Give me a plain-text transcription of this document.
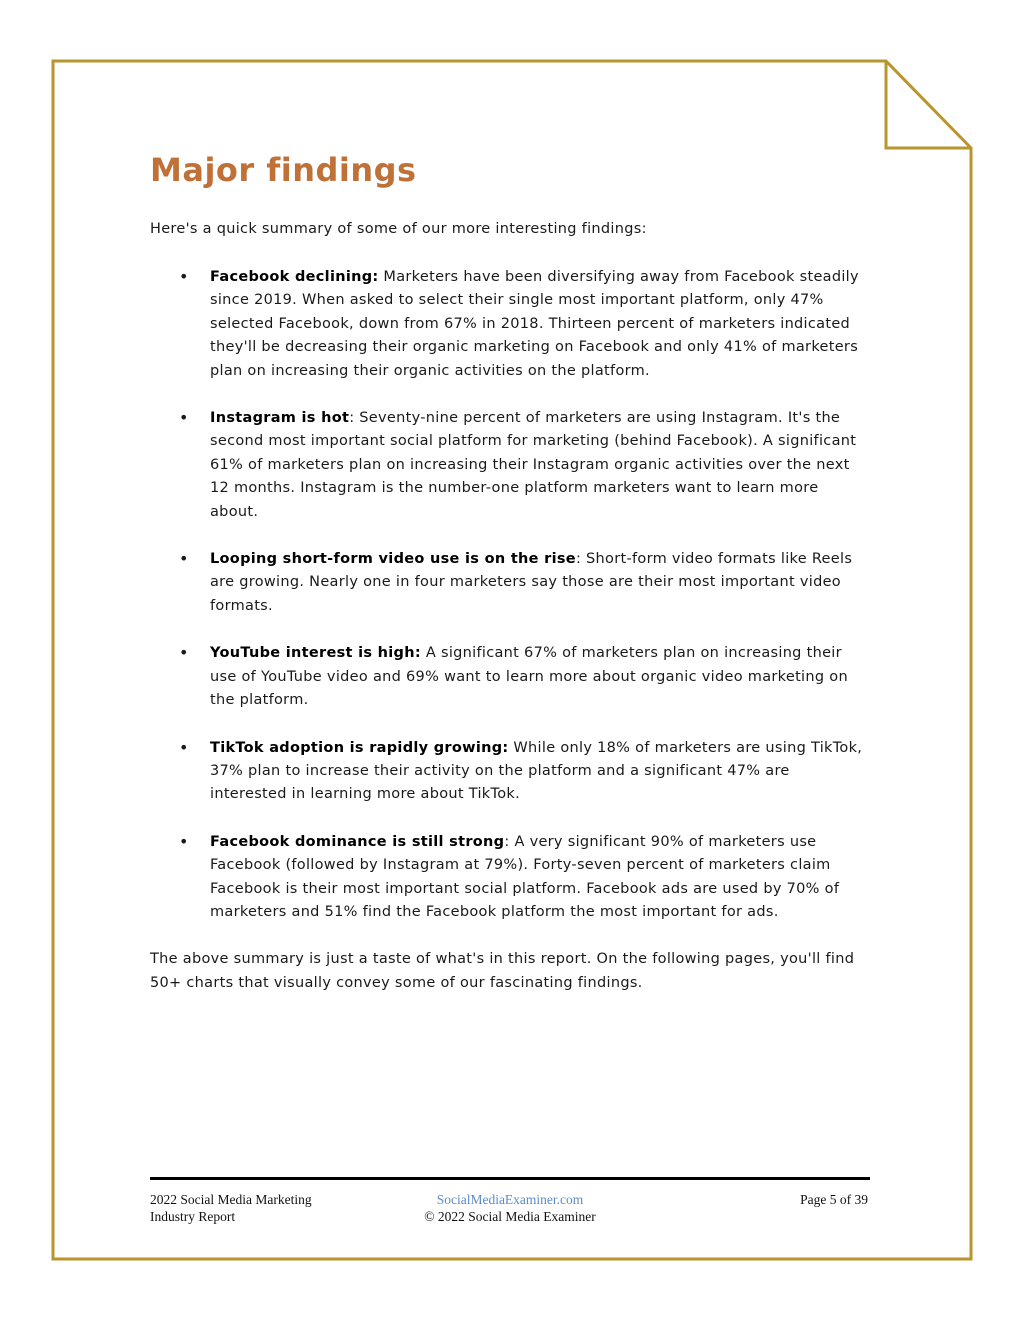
Major findings

Here's a quick summary of some of our more interesting findings:

• Facebook declining: Marketers have been diversifying away from Facebook steadily since 2019. When asked to select their single most important platform, only 47% selected Facebook, down from 67% in 2018. Thirteen percent of marketers indicated they'll be decreasing their organic marketing on Facebook and only 41% of marketers plan on increasing their organic activities on the platform.
• Instagram is hot: Seventy-nine percent of marketers are using Instagram. It's the second most important social platform for marketing (behind Facebook). A significant 61% of marketers plan on increasing their Instagram organic activities over the next 12 months. Instagram is the number-one platform marketers want to learn more about.
• Looping short-form video use is on the rise: Short-form video formats like Reels are growing. Nearly one in four marketers say those are their most important video formats.
• YouTube interest is high: A significant 67% of marketers plan on increasing their use of YouTube video and 69% want to learn more about organic video marketing on the platform.
• TikTok adoption is rapidly growing: While only 18% of marketers are using TikTok, 37% plan to increase their activity on the platform and a significant 47% are interested in learning more about TikTok.
• Facebook dominance is still strong: A very significant 90% of marketers use Facebook (followed by Instagram at 79%). Forty-seven percent of marketers claim Facebook is their most important social platform. Facebook ads are used by 70% of marketers and 51% find the Facebook platform the most important for ads.

The above summary is just a taste of what's in this report. On the following pages, you'll find 50+ charts that visually convey some of our fascinating findings.

2022 Social Media Marketing
Industry Report
SocialMediaExaminer.com
© 2022 Social Media Examiner
Page 5 of 39
